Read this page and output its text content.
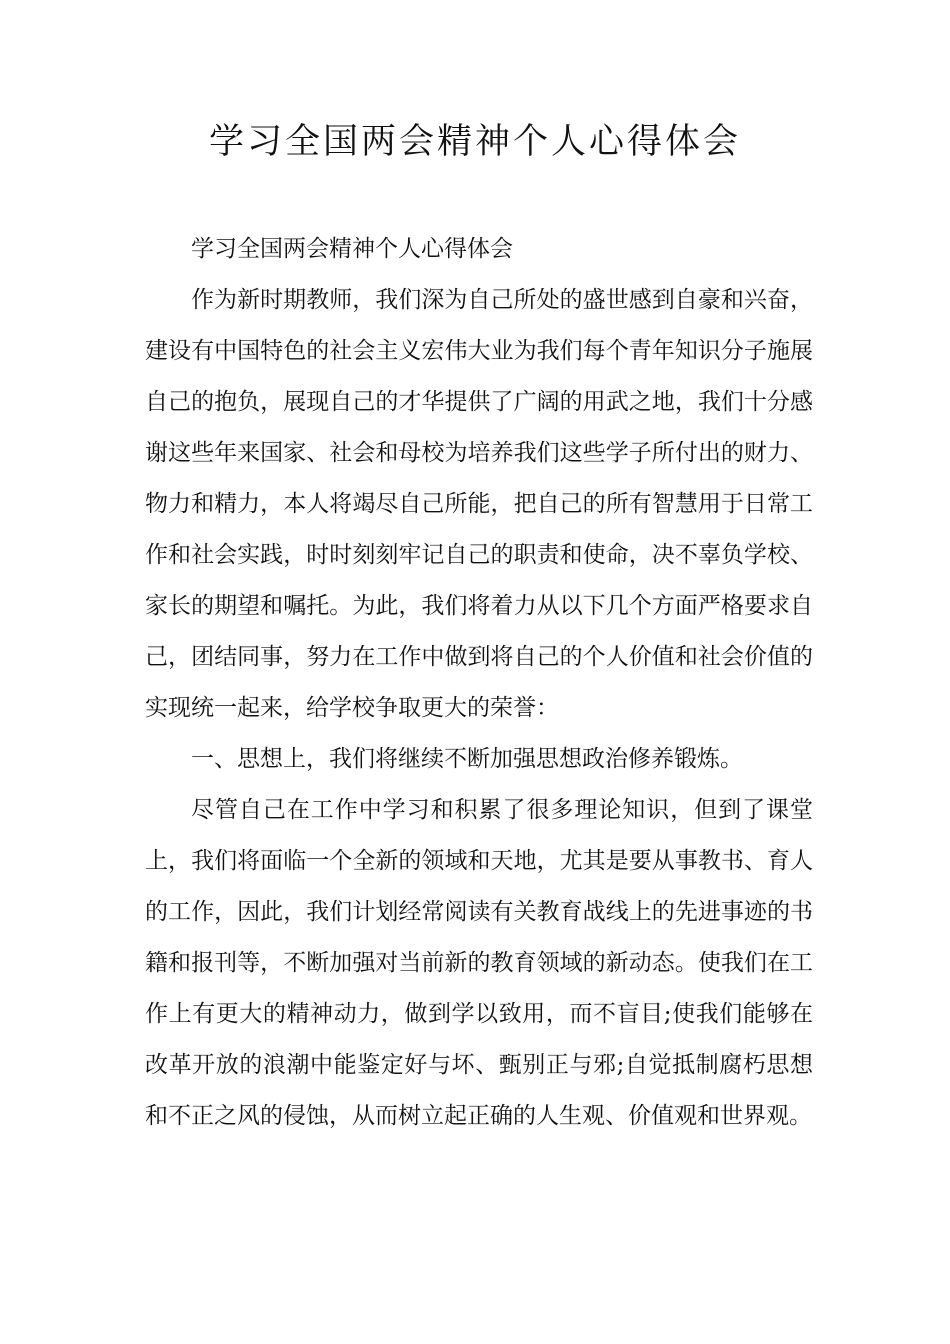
学习全国两会精神个人心得体会

学习全国两会精神个人心得体会

作为新时期教师，我们深为自己所处的盛世感到自豪和兴奋，建设有中国特色的社会主义宏伟大业为我们每个青年知识分子施展自己的抱负，展现自己的才华提供了广阔的用武之地，我们十分感谢这些年来国家、社会和母校为培养我们这些学子所付出的财力、物力和精力，本人将竭尽自己所能，把自己的所有智慧用于日常工作和社会实践，时时刻刻牢记自己的职责和使命，决不辜负学校、家长的期望和嘱托。为此，我们将着力从以下几个方面严格要求自己，团结同事，努力在工作中做到将自己的个人价值和社会价值的实现统一起来，给学校争取更大的荣誉：

一、思想上，我们将继续不断加强思想政治修养锻炼。

尽管自己在工作中学习和积累了很多理论知识，但到了课堂上，我们将面临一个全新的领域和天地，尤其是要从事教书、育人的工作，因此，我们计划经常阅读有关教育战线上的先进事迹的书籍和报刊等，不断加强对当前新的教育领域的新动态。使我们在工作上有更大的精神动力，做到学以致用，而不盲目;使我们能够在改革开放的浪潮中能鉴定好与坏、甄别正与邪;自觉抵制腐朽思想和不正之风的侵蚀，从而树立起正确的人生观、价值观和世界观。
